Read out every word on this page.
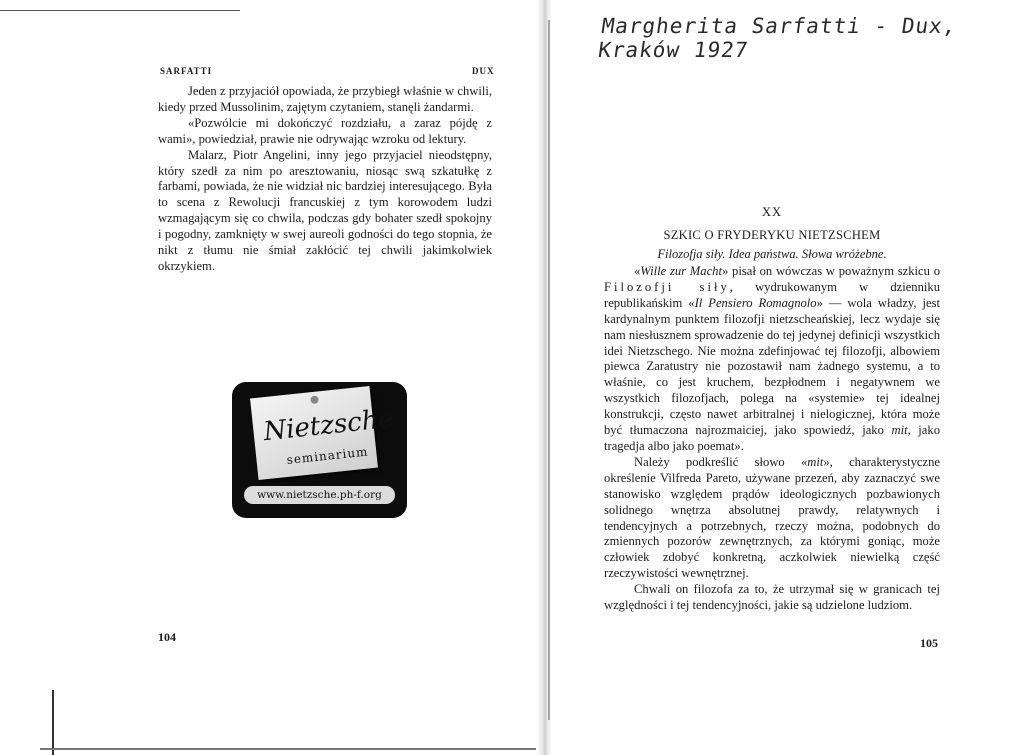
SARFATTI	DUX

Jeden z przyjaciół opowiada, że przybiegł właśnie w chwili, kiedy przed Mussolinim, zajętym czytaniem, stanęli żandarmi.

«Pozwólcie mi dokończyć rozdziału, a zaraz pójdę z wami», powiedział, prawie nie odrywając wzroku od lektury.

Malarz, Piotr Angelini, inny jego przyjaciel nieodstępny, który szedł za nim po aresztowaniu, niosąc swą szkatułkę z farbami, powiada, że nie widział nic bardziej interesującego. Była to scena z Rewolucji francuskiej z tym korowodem ludzi wzmagającym się co chwila, podczas gdy bohater szedł spokojny i pogodny, zamknięty w swej aureoli godności do tego stopnia, że nikt z tłumu nie śmiał zakłócić tej chwili jakimkolwiek okrzykiem.

Nietzsche
seminarium
www.nietzsche.ph-f.org
104
Margherita Sarfatti - Dux, Kraków 1927
XX
SZKIC O FRYDERYKU NIETZSCHEM
Filozofja siły. Idea państwa. Słowa wróżebne.

«Wille zur Macht» pisał on wówczas w poważnym szkicu o Filozofji siły, wydrukowanym w dzienniku republikańskim «Il Pensiero Romagnolo» — wola władzy, jest kardynalnym punktem filozofji nietzscheańskiej, lecz wydaje się nam niesłusznem sprowadzenie do tej jedynej definicji wszystkich idei Nietzschego. Nie można zdefinjować tej filozofji, albowiem piewca Zaratustry nie pozostawił nam żadnego systemu, a to właśnie, co jest kruchem, bezpłodnem i negatywnem we wszystkich filozofjach, polega na «systemie» tej idealnej konstrukcji, często nawet arbitralnej i nielogicznej, która może być tłumaczona najrozmaiciej, jako spowiedź, jako mit, jako tragedja albo jako poemat».

Należy podkreślić słowo «mit», charakterystyczne określenie Vilfreda Pareto, używane przezeń, aby zaznaczyć swe stanowisko względem prądów ideologicznych pozbawionych solidnego wnętrza absolutnej prawdy, relatywnych i tendencyjnych a potrzebnych, rzeczy można, podobnych do zmiennych pozorów zewnętrznych, za którymi goniąc, może człowiek zdobyć konkretną, aczkolwiek niewielką część rzeczywistości wewnętrznej.

Chwali on filozofa za to, że utrzymał się w granicach tej względności i tej tendencyjności, jakie są udzielone ludziom.

105
